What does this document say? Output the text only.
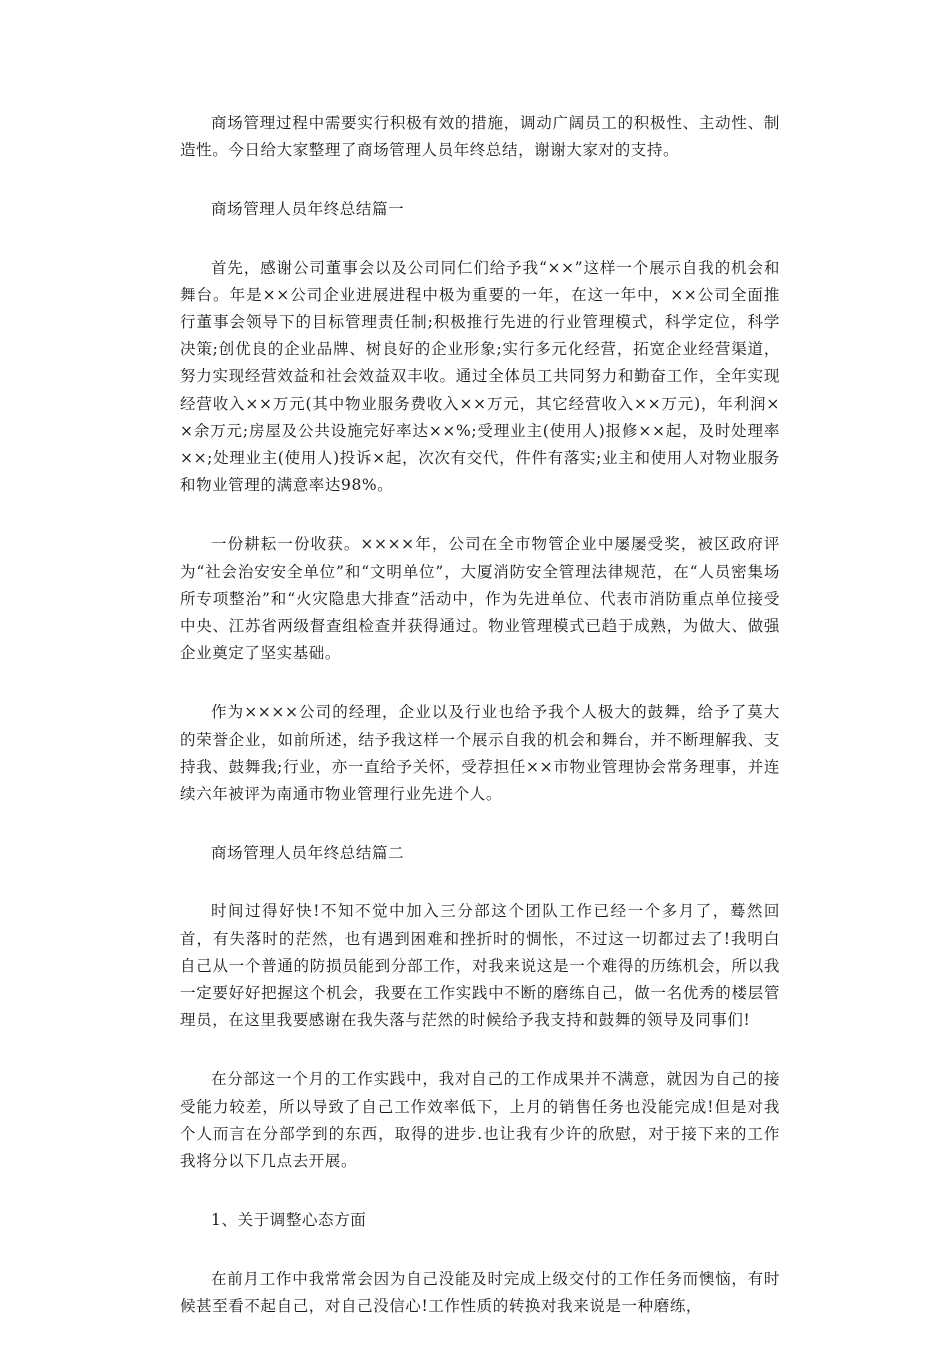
商场管理过程中需要实行积极有效的措施，调动广阔员工的积极性、主动性、制造性。今日给大家整理了商场管理人员年终总结，谢谢大家对的支持。

商场管理人员年终总结篇一

首先，感谢公司董事会以及公司同仁们给予我“××”这样一个展示自我的机会和舞台。年是××公司企业进展进程中极为重要的一年，在这一年中，××公司全面推行董事会领导下的目标管理责任制;积极推行先进的行业管理模式，科学定位，科学决策;创优良的企业品牌、树良好的企业形象;实行多元化经营，拓宽企业经营渠道，努力实现经营效益和社会效益双丰收。通过全体员工共同努力和勤奋工作，全年实现经营收入××万元(其中物业服务费收入××万元，其它经营收入××万元)，年利润××余万元;房屋及公共设施完好率达××%;受理业主(使用人)报修××起，及时处理率××;处理业主(使用人)投诉×起，次次有交代，件件有落实;业主和使用人对物业服务和物业管理的满意率达98%。

一份耕耘一份收获。××××年，公司在全市物管企业中屡屡受奖，被区政府评为“社会治安安全单位”和“文明单位”，大厦消防安全管理法律规范，在“人员密集场所专项整治”和“火灾隐患大排查”活动中，作为先进单位、代表市消防重点单位接受中央、江苏省两级督查组检查并获得通过。物业管理模式已趋于成熟，为做大、做强企业奠定了坚实基础。

作为××××公司的经理，企业以及行业也给予我个人极大的鼓舞，给予了莫大的荣誉企业，如前所述，结予我这样一个展示自我的机会和舞台，并不断理解我、支持我、鼓舞我;行业，亦一直给予关怀，受荐担任××市物业管理协会常务理事，并连续六年被评为南通市物业管理行业先进个人。

商场管理人员年终总结篇二

时间过得好快!不知不觉中加入三分部这个团队工作已经一个多月了，蓦然回首，有失落时的茫然，也有遇到困难和挫折时的惆怅，不过这一切都过去了!我明白自己从一个普通的防损员能到分部工作，对我来说这是一个难得的历练机会，所以我一定要好好把握这个机会，我要在工作实践中不断的磨练自己，做一名优秀的楼层管理员，在这里我要感谢在我失落与茫然的时候给予我支持和鼓舞的领导及同事们!

在分部这一个月的工作实践中，我对自己的工作成果并不满意，就因为自己的接受能力较差，所以导致了自己工作效率低下，上月的销售任务也没能完成!但是对我个人而言在分部学到的东西，取得的进步.也让我有少许的欣慰，对于接下来的工作我将分以下几点去开展。

1、关于调整心态方面

在前月工作中我常常会因为自己没能及时完成上级交付的工作任务而懊恼，有时候甚至看不起自己，对自己没信心!工作性质的转换对我来说是一种磨练，
